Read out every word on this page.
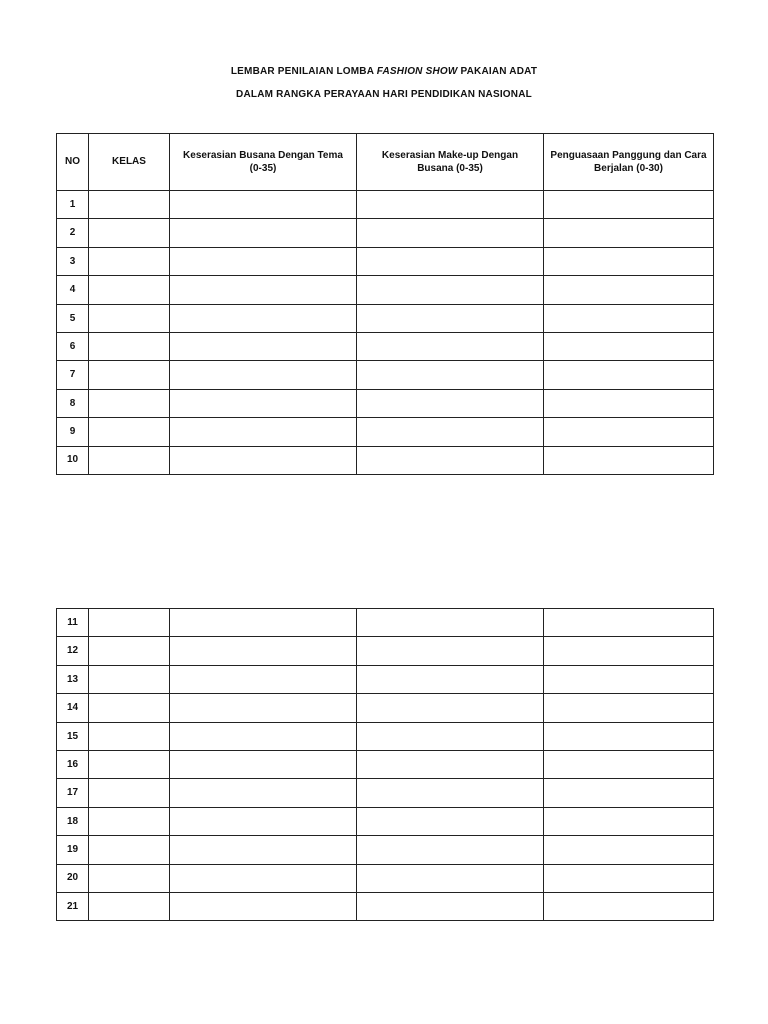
LEMBAR PENILAIAN LOMBA FASHION SHOW PAKAIAN ADAT
DALAM RANGKA PERAYAAN HARI PENDIDIKAN NASIONAL
NO	KELAS	Keserasian Busana Dengan Tema (0-35)	Keserasian Make-up Dengan Busana (0-35)	Penguasaan Panggung dan Cara Berjalan (0-30)
1				
2				
3				
4				
5				
6				
7				
8				
9				
10				
11				
12				
13				
14				
15				
16				
17				
18				
19				
20				
21				
